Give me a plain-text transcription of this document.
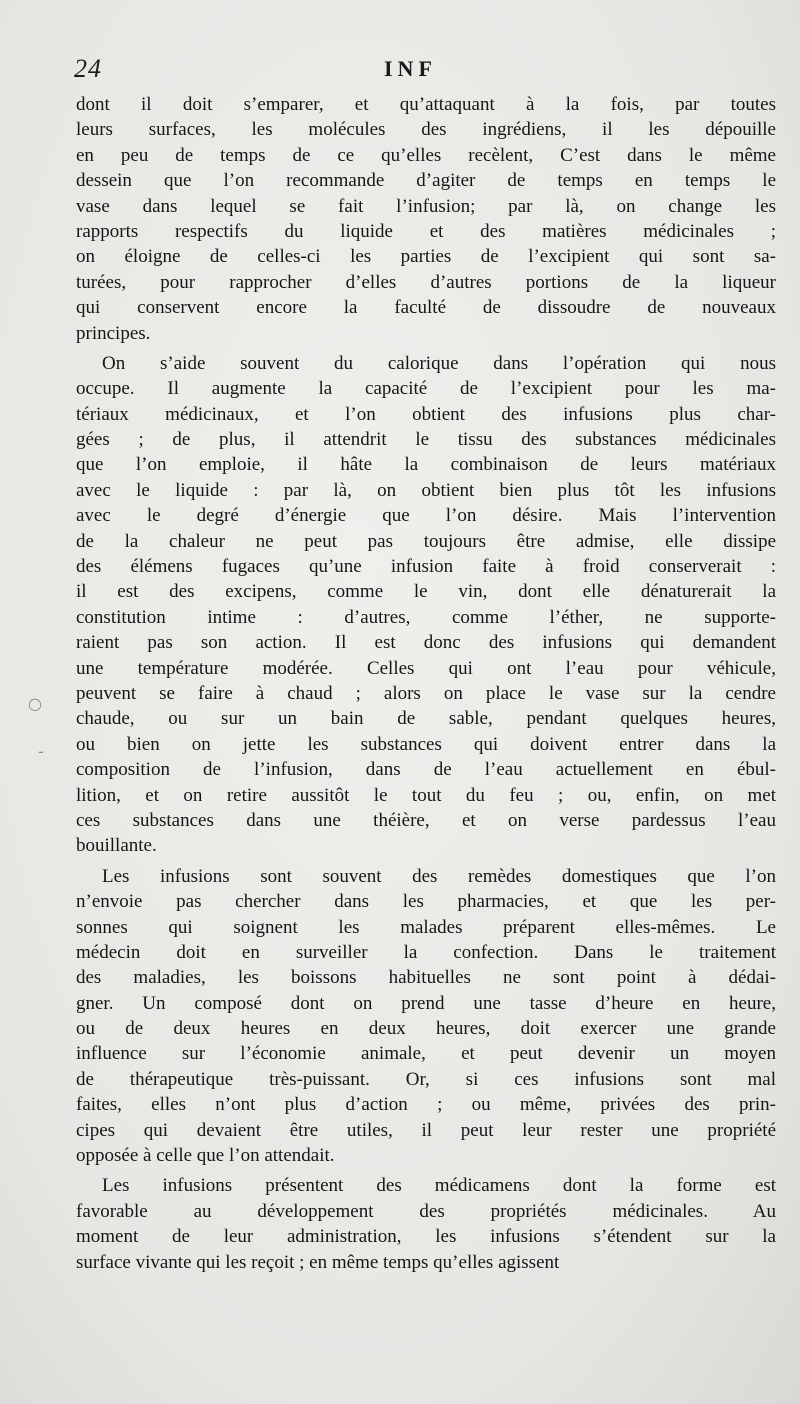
24	INF
dont il doit s’emparer, et qu’attaquant à la fois, par toutes
leurs surfaces, les molécules des ingrédiens, il les dépouille
en peu de temps de ce qu’elles recèlent, C’est dans le même
dessein que l’on recommande d’agiter de temps en temps le
vase dans lequel se fait l’infusion; par là, on change les
rapports respectifs du liquide et des matières médicinales ;
on éloigne de celles-ci les parties de l’excipient qui sont sa-
turées, pour rapprocher d’elles d’autres portions de la liqueur
qui conservent encore la faculté de dissoudre de nouveaux
principes.
On s’aide souvent du calorique dans l’opération qui nous
occupe. Il augmente la capacité de l’excipient pour les ma-
tériaux médicinaux, et l’on obtient des infusions plus char-
gées ; de plus, il attendrit le tissu des substances médicinales
que l’on emploie, il hâte la combinaison de leurs matériaux
avec le liquide : par là, on obtient bien plus tôt les infusions
avec le degré d’énergie que l’on désire. Mais l’intervention
de la chaleur ne peut pas toujours être admise, elle dissipe
des élémens fugaces qu’une infusion faite à froid conserverait :
il est des excipens, comme le vin, dont elle dénaturerait la
constitution intime : d’autres, comme l’éther, ne supporte-
raient pas son action. Il est donc des infusions qui demandent
une température modérée. Celles qui ont l’eau pour véhicule,
peuvent se faire à chaud ; alors on place le vase sur la cendre
chaude, ou sur un bain de sable, pendant quelques heures,
ou bien on jette les substances qui doivent entrer dans la
composition de l’infusion, dans de l’eau actuellement en ébul-
lition, et on retire aussitôt le tout du feu ; ou, enfin, on met
ces substances dans une théière, et on verse pardessus l’eau
bouillante.
Les infusions sont souvent des remèdes domestiques que l’on
n’envoie pas chercher dans les pharmacies, et que les per-
sonnes qui soignent les malades préparent elles-mêmes. Le
médecin doit en surveiller la confection. Dans le traitement
des maladies, les boissons habituelles ne sont point à dédai-
gner. Un composé dont on prend une tasse d’heure en heure,
ou de deux heures en deux heures, doit exercer une grande
influence sur l’économie animale, et peut devenir un moyen
de thérapeutique très-puissant. Or, si ces infusions sont mal
faites, elles n’ont plus d’action ; ou même, privées des prin-
cipes qui devaient être utiles, il peut leur rester une propriété
opposée à celle que l’on attendait.
Les infusions présentent des médicamens dont la forme est
favorable au développement des propriétés médicinales. Au
moment de leur administration, les infusions s’étendent sur la
surface vivante qui les reçoit ; en même temps qu’elles agissent
○
-
